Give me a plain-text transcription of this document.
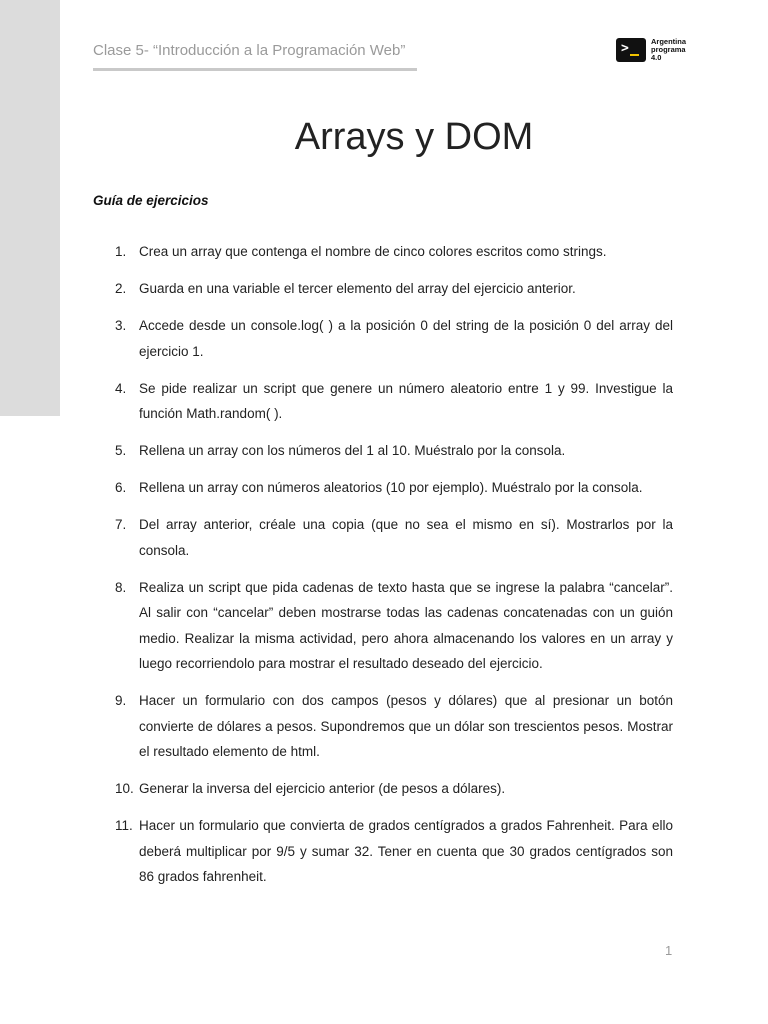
Clase 5- “Introducción a la Programación Web”	>	Argentina
programa
4.0
Arrays y DOM
Guía de ejercicios
1. Crea un array que contenga el nombre de cinco colores escritos como strings.
2. Guarda en una variable el tercer elemento del array del ejercicio anterior.
3. Accede desde un console.log( ) a la posición 0 del string de la posición 0 del array del ejercicio 1.
4. Se pide realizar un script que genere un número aleatorio entre 1 y 99. Investigue la función Math.random( ).
5. Rellena un array con los números del 1 al 10. Muéstralo por la consola.
6. Rellena un array con números aleatorios (10 por ejemplo). Muéstralo por la consola.
7. Del array anterior, créale una copia (que no sea el mismo en sí). Mostrarlos por la consola.
8. Realiza un script que pida cadenas de texto hasta que se ingrese la palabra “cancelar”. Al salir con “cancelar” deben mostrarse todas las cadenas concatenadas con un guión medio. Realizar la misma actividad, pero ahora almacenando los valores en un array y luego recorriendolo para mostrar el resultado deseado del ejercicio.
9. Hacer un formulario con dos campos (pesos y dólares) que al presionar un botón convierte de dólares a pesos. Supondremos que un dólar son trescientos pesos. Mostrar el resultado elemento de html.
10. Generar la inversa del ejercicio anterior (de pesos a dólares).
11. Hacer un formulario que convierta de grados centígrados a grados Fahrenheit. Para ello deberá multiplicar por 9/5 y sumar 32. Tener en cuenta que 30 grados centígrados son 86 grados fahrenheit.
1
